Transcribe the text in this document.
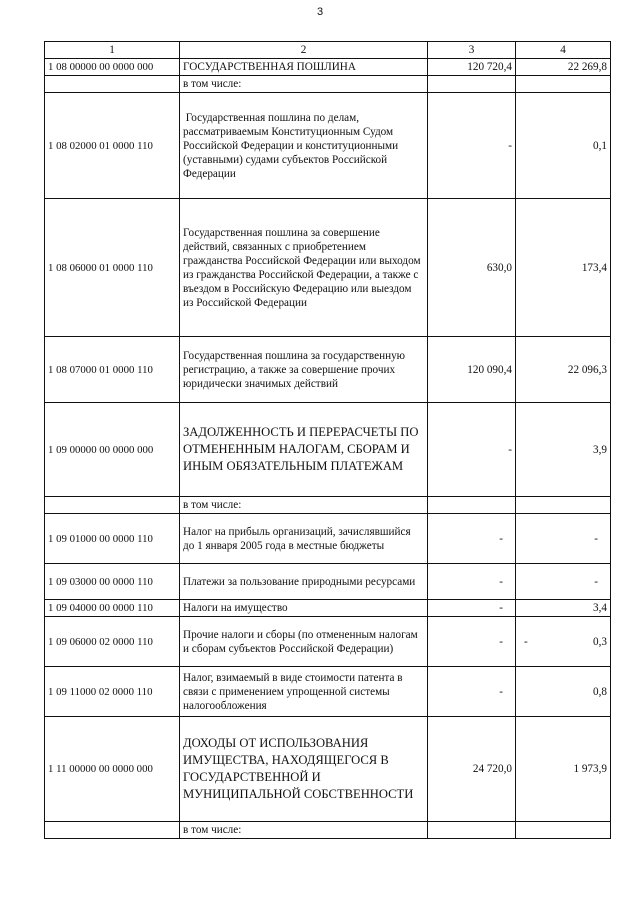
3
1	2	3	4
1 08 00000 00 0000 000	ГОСУДАРСТВЕННАЯ ПОШЛИНА	120 720,4	22 269,8
	в том числе:		
1 08 02000 01 0000 110	Государственная пошлина по делам, рассматриваемым Конституционным Судом Российской Федерации и конституционными (уставными) судами субъектов Российской Федерации	-	0,1
1 08 06000 01 0000 110	Государственная пошлина за совершение действий, связанных с приобретением гражданства Российской Федерации или выходом из гражданства Российской Федерации, а также с въездом в Российскую Федерацию или выездом из Российской Федерации	630,0	173,4
1 08 07000 01 0000 110	Государственная пошлина за государственную регистрацию, а также за совершение прочих юридически значимых действий	120 090,4	22 096,3
1 09 00000 00 0000 000	ЗАДОЛЖЕННОСТЬ И ПЕРЕРАСЧЕТЫ ПО ОТМЕНЕННЫМ НАЛОГАМ, СБОРАМ И ИНЫМ ОБЯЗАТЕЛЬНЫМ ПЛАТЕЖАМ	-	3,9
	в том числе:		
1 09 01000 00 0000 110	Налог на прибыль организаций, зачислявшийся до 1 января 2005 года в местные бюджеты	-	-
1 09 03000 00 0000 110	Платежи за пользование природными ресурсами	-	-
1 09 04000 00 0000 110	Налоги на имущество	-	3,4
1 09 06000 02 0000 110	Прочие налоги и сборы (по отмененным налогам и сборам субъектов Российской Федерации)	-	- 0,3
1 09 11000 02 0000 110	Налог, взимаемый в виде стоимости патента в связи с применением упрощенной системы налогообложения	-	0,8
1 11 00000 00 0000 000	ДОХОДЫ ОТ ИСПОЛЬЗОВАНИЯ ИМУЩЕСТВА, НАХОДЯЩЕГОСЯ В ГОСУДАРСТВЕННОЙ И МУНИЦИПАЛЬНОЙ СОБСТВЕННОСТИ	24 720,0	1 973,9
	в том числе:		
